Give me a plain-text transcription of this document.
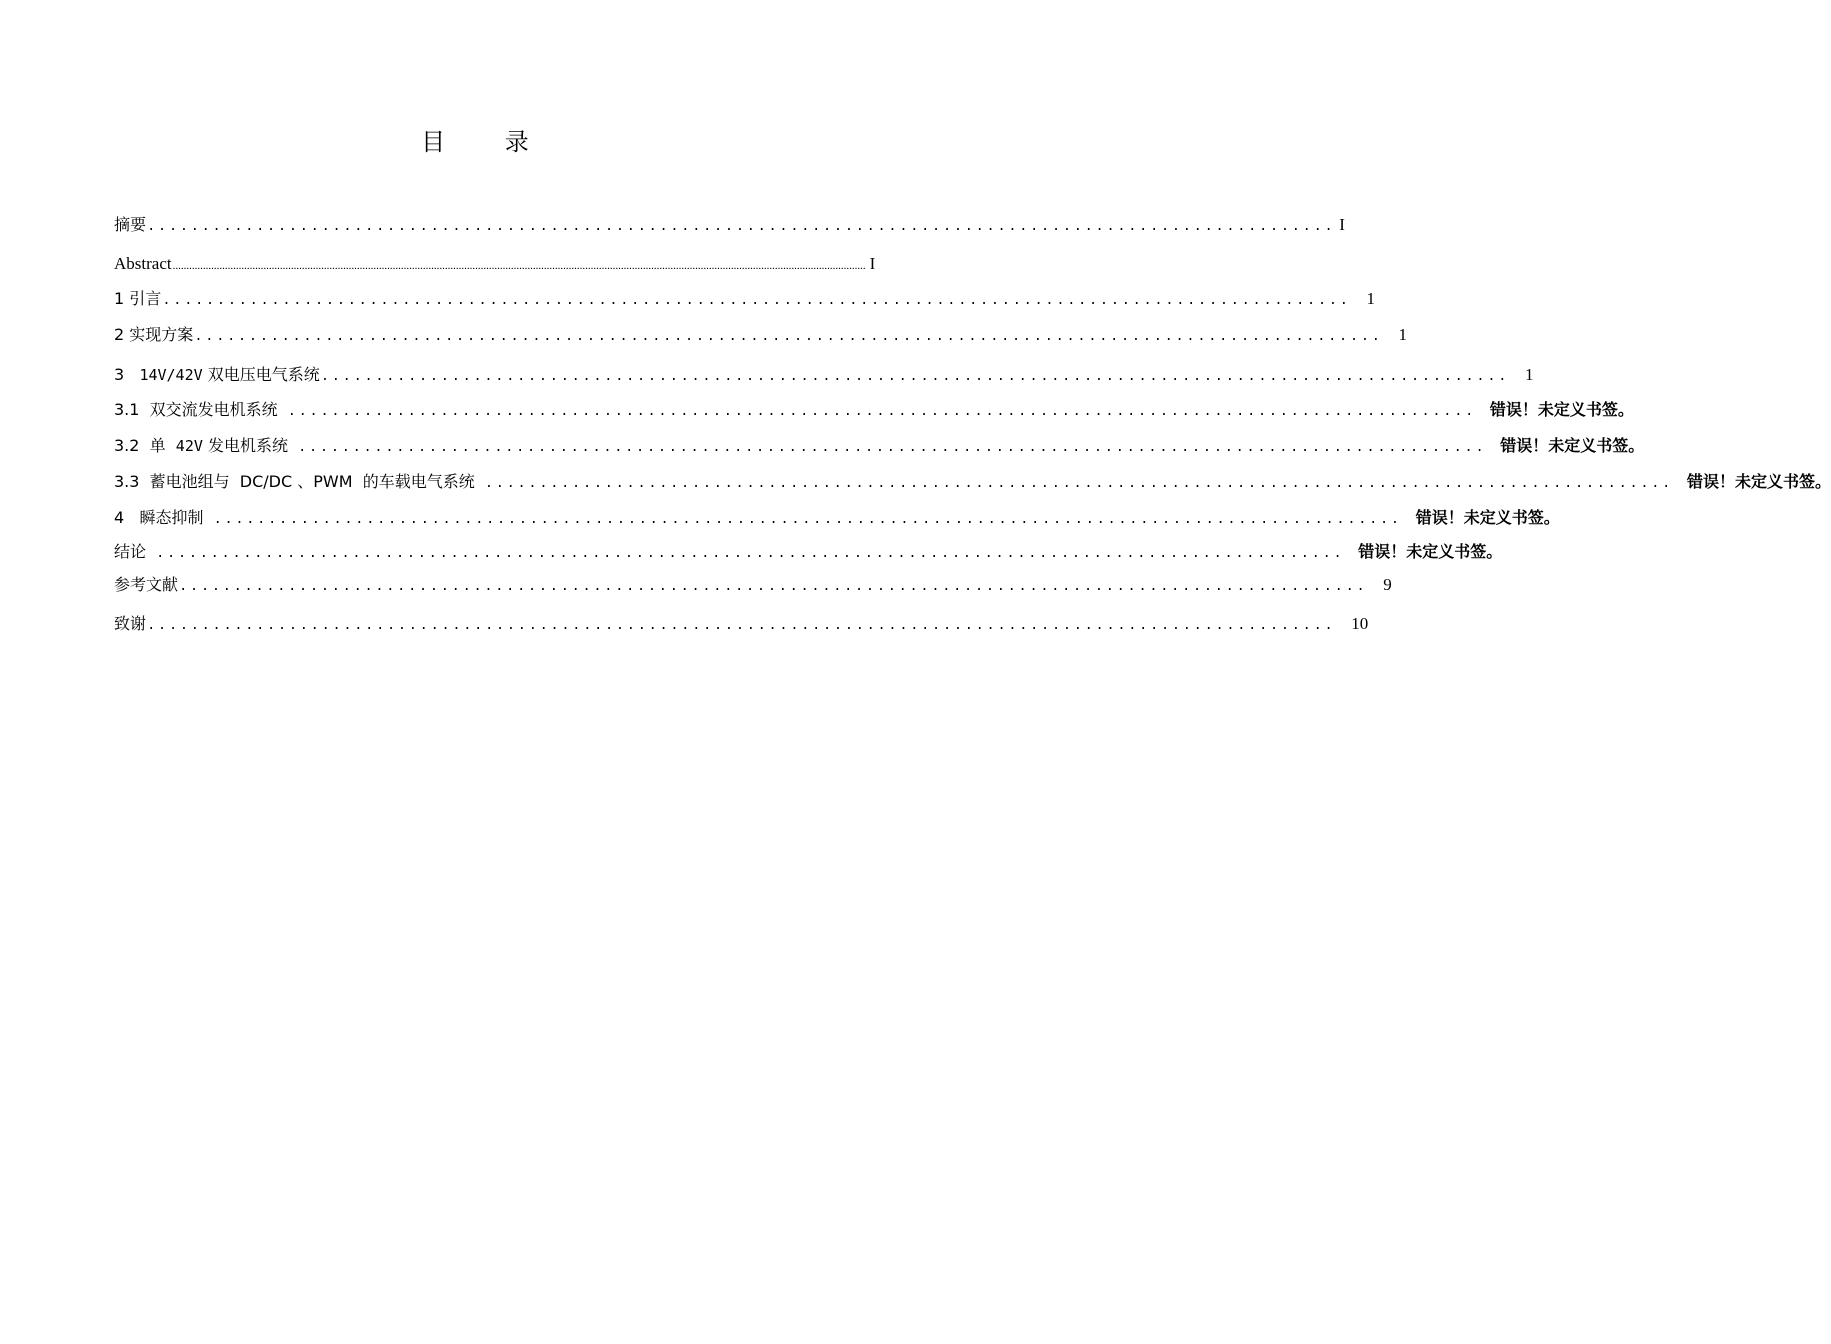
目 录
摘要 ............................................................................................................. I
Abstract ............................................................................................................................................................................................................................................................ I
1 引言 ............................................................................................................. 1
2 实现方案 ............................................................................................................. 1
3   14V/42V 双电压电气系统 ............................................................................................................. 1
3.1  双交流发电机系统 ............................................................................................................. 错误！未定义书签。
3.2  单  42V 发电机系统 ............................................................................................................. 错误！未定义书签。
3.3  蓄电池组与  DC/DC 、PWM  的车载电气系统 ............................................................................................................. 错误！未定义书签。
4   瞬态抑制 ............................................................................................................. 错误！未定义书签。
结论 ............................................................................................................. 错误！未定义书签。
参考文献 ............................................................................................................. 9
致谢 ............................................................................................................. 10
